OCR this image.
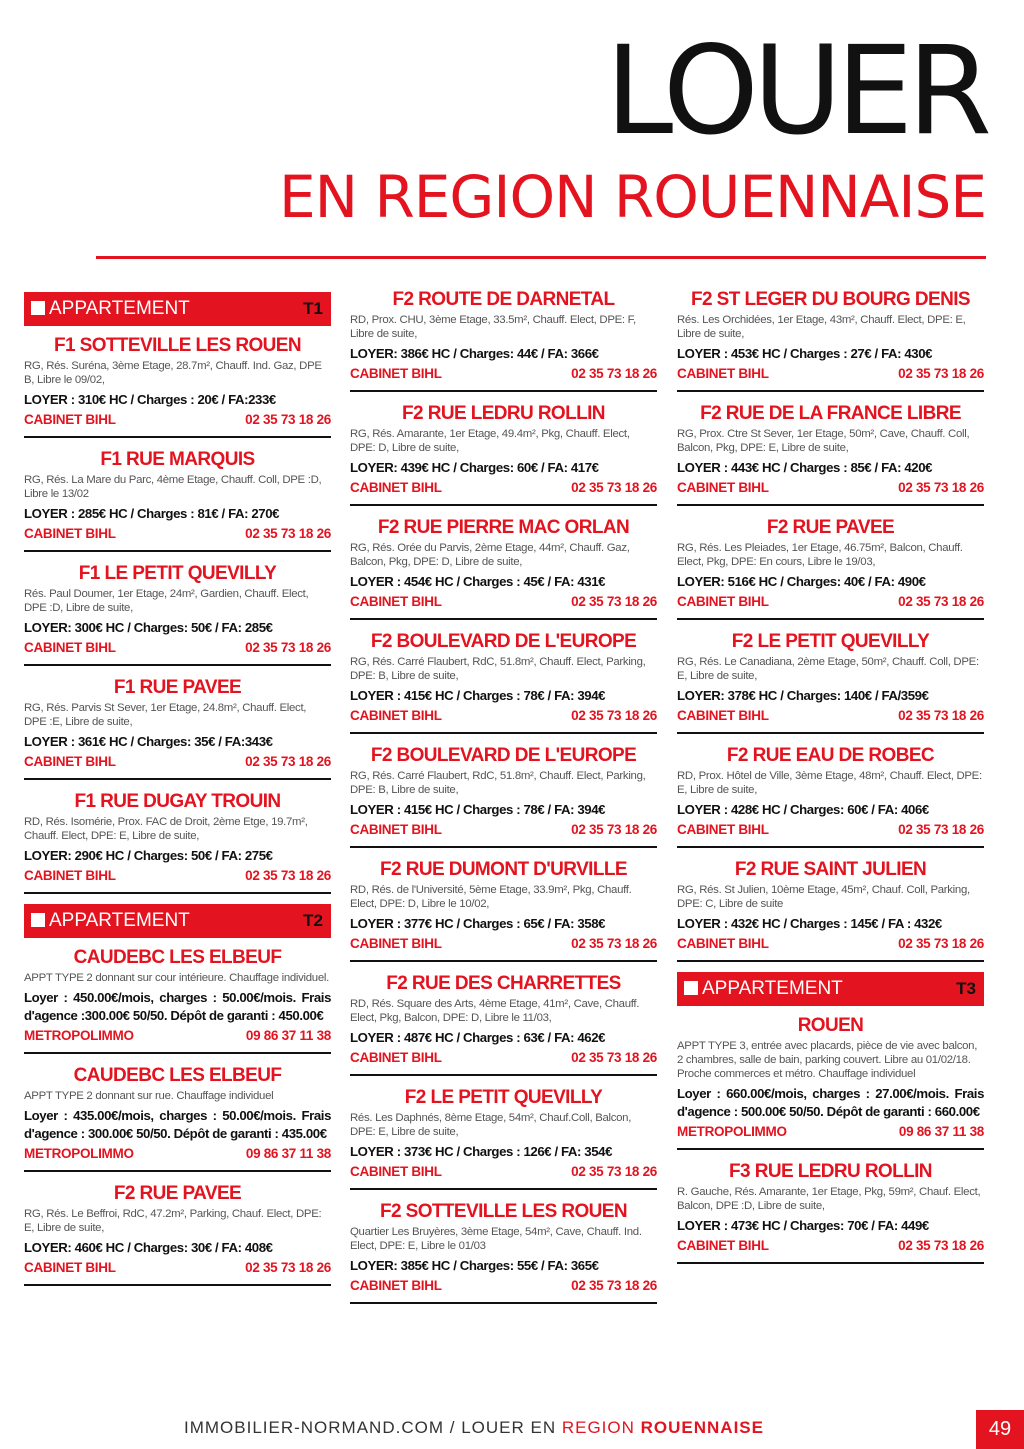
LOUER
EN REGION ROUENNAISE
APPARTEMENT	T1
F1 SOTTEVILLE LES ROUEN
RG, Rés. Suréna, 3ème Etage, 28.7m², Chauff. Ind. Gaz, DPE B, Libre le 09/02,
LOYER : 310€ HC / Charges : 20€ / FA:233€
CABINET BIHL	02 35 73 18 26
F1 RUE MARQUIS
RG, Rés. La Mare du Parc, 4ème Etage, Chauff. Coll, DPE :D, Libre le 13/02
LOYER : 285€ HC / Charges : 81€ / FA: 270€
CABINET BIHL	02 35 73 18 26
F1 LE PETIT QUEVILLY
Rés. Paul Doumer, 1er Etage, 24m², Gardien, Chauff. Elect, DPE :D, Libre de suite,
LOYER: 300€ HC / Charges: 50€ / FA: 285€
CABINET BIHL	02 35 73 18 26
F1 RUE PAVEE
RG, Rés. Parvis St Sever, 1er Etage, 24.8m², Chauff. Elect, DPE :E, Libre de suite,
LOYER : 361€ HC / Charges: 35€ / FA:343€
CABINET BIHL	02 35 73 18 26
F1 RUE DUGAY TROUIN
RD, Rés. Isomérie, Prox. FAC de Droit, 2ème Etge, 19.7m², Chauff. Elect, DPE: E, Libre de suite,
LOYER: 290€ HC / Charges: 50€ / FA: 275€
CABINET BIHL	02 35 73 18 26
APPARTEMENT	T2
CAUDEBC LES ELBEUF
APPT TYPE 2 donnant sur cour intérieure. Chauffage individuel.
Loyer : 450.00€/mois, charges : 50.00€/mois. Frais d'agence :300.00€ 50/50. Dépôt de garanti : 450.00€
METROPOLIMMO	09 86 37 11 38
CAUDEBC LES ELBEUF
APPT TYPE 2 donnant sur rue. Chauffage individuel
Loyer : 435.00€/mois, charges : 50.00€/mois. Frais d'agence : 300.00€ 50/50. Dépôt de garanti : 435.00€
METROPOLIMMO	09 86 37 11 38
F2 RUE PAVEE
RG, Rés. Le Beffroi, RdC, 47.2m², Parking, Chauf. Elect, DPE: E, Libre de suite,
LOYER: 460€ HC / Charges: 30€ / FA: 408€
CABINET BIHL	02 35 73 18 26
F2 ROUTE DE DARNETAL
RD, Prox. CHU, 3ème Etage, 33.5m², Chauff. Elect, DPE: F, Libre de suite,
LOYER: 386€ HC / Charges: 44€ / FA: 366€
CABINET BIHL	02 35 73 18 26
F2 RUE LEDRU ROLLIN
RG, Rés. Amarante, 1er Etage, 49.4m², Pkg, Chauff. Elect, DPE: D, Libre de suite,
LOYER: 439€ HC / Charges: 60€ / FA: 417€
CABINET BIHL	02 35 73 18 26
F2 RUE PIERRE MAC ORLAN
RG, Rés. Orée du Parvis, 2ème Etage, 44m², Chauff. Gaz, Balcon, Pkg, DPE: D, Libre de suite,
LOYER : 454€ HC / Charges : 45€ / FA: 431€
CABINET BIHL	02 35 73 18 26
F2 BOULEVARD DE L'EUROPE
RG, Rés. Carré Flaubert, RdC, 51.8m², Chauff. Elect, Parking, DPE: B, Libre de suite,
LOYER : 415€ HC / Charges : 78€ / FA: 394€
CABINET BIHL	02 35 73 18 26
F2 BOULEVARD DE L'EUROPE
RG, Rés. Carré Flaubert, RdC, 51.8m², Chauff. Elect, Parking, DPE: B, Libre de suite,
LOYER : 415€ HC / Charges : 78€ / FA: 394€
CABINET BIHL	02 35 73 18 26
F2 RUE DUMONT D'URVILLE
RD, Rés. de l'Université, 5ème Etage, 33.9m², Pkg, Chauff. Elect, DPE: D, Libre le 10/02,
LOYER : 377€ HC / Charges : 65€ / FA: 358€
CABINET BIHL	02 35 73 18 26
F2 RUE DES CHARRETTES
RD, Rés. Square des Arts, 4ème Etage, 41m², Cave, Chauff. Elect, Pkg, Balcon, DPE: D, Libre le 11/03,
LOYER : 487€ HC / Charges : 63€ / FA: 462€
CABINET BIHL	02 35 73 18 26
F2 LE PETIT QUEVILLY
Rés. Les Daphnés, 8ème Etage, 54m², Chauf.Coll, Balcon, DPE: E, Libre de suite,
LOYER : 373€ HC / Charges : 126€ / FA: 354€
CABINET BIHL	02 35 73 18 26
F2 SOTTEVILLE LES ROUEN
Quartier Les Bruyères, 3ème Etage, 54m², Cave, Chauff. Ind. Elect, DPE: E, Libre le 01/03
LOYER: 385€ HC / Charges: 55€ / FA: 365€
CABINET BIHL	02 35 73 18 26
F2 ST LEGER DU BOURG DENIS
Rés. Les Orchidées, 1er Etage, 43m², Chauff. Elect, DPE: E, Libre de suite,
LOYER : 453€ HC / Charges : 27€ / FA: 430€
CABINET BIHL	02 35 73 18 26
F2 RUE DE LA FRANCE LIBRE
RG, Prox. Ctre St Sever, 1er Etage, 50m², Cave, Chauff. Coll, Balcon, Pkg, DPE: E, Libre de suite,
LOYER : 443€ HC / Charges : 85€ / FA: 420€
CABINET BIHL	02 35 73 18 26
F2 RUE PAVEE
RG, Rés. Les Pleiades, 1er Etage, 46.75m², Balcon, Chauff. Elect, Pkg, DPE: En cours, Libre le 19/03,
LOYER: 516€ HC / Charges: 40€ / FA: 490€
CABINET BIHL	02 35 73 18 26
F2 LE PETIT QUEVILLY
RG, Rés. Le Canadiana, 2ème Etage, 50m², Chauff. Coll, DPE: E, Libre de suite,
LOYER: 378€ HC / Charges: 140€ / FA/359€
CABINET BIHL	02 35 73 18 26
F2 RUE EAU DE ROBEC
RD, Prox. Hôtel de Ville, 3ème Etage, 48m², Chauff. Elect, DPE: E, Libre de suite,
LOYER : 428€ HC / Charges: 60€ / FA: 406€
CABINET BIHL	02 35 73 18 26
F2 RUE SAINT JULIEN
RG, Rés. St Julien, 10ème Etage, 45m², Chauf. Coll, Parking, DPE: C, Libre de suite
LOYER : 432€ HC / Charges : 145€ / FA : 432€
CABINET BIHL	02 35 73 18 26
APPARTEMENT	T3
ROUEN
APPT TYPE 3, entrée avec placards, pièce de vie avec balcon, 2 chambres, salle de bain, parking couvert. Libre au 01/02/18. Proche commerces et métro. Chauffage individuel
Loyer : 660.00€/mois, charges : 27.00€/mois. Frais d'agence : 500.00€ 50/50. Dépôt de garanti : 660.00€
METROPOLIMMO	09 86 37 11 38
F3 RUE LEDRU ROLLIN
R. Gauche, Rés. Amarante, 1er Etage, Pkg, 59m², Chauf. Elect, Balcon, DPE :D, Libre de suite,
LOYER : 473€ HC / Charges: 70€ / FA: 449€
CABINET BIHL	02 35 73 18 26
IMMOBILIER-NORMAND.COM / LOUER EN REGION ROUENNAISE	49
